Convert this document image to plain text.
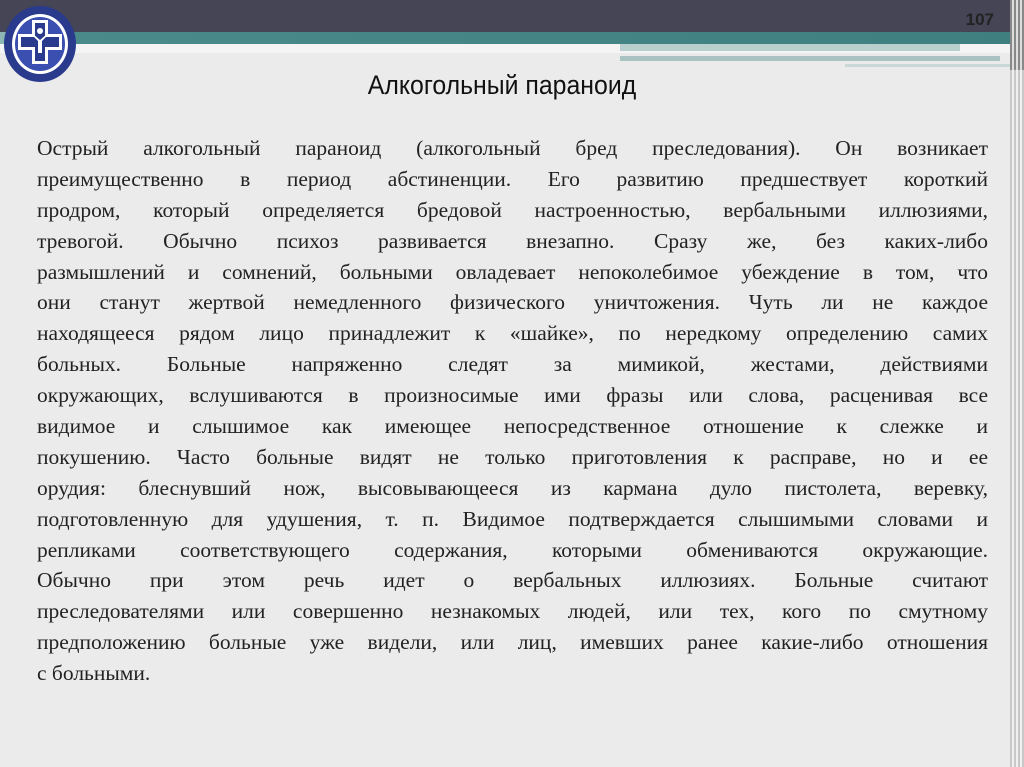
107
Алкогольный параноид
Острый алкогольный параноид (алкогольный бред преследования). Он возникает
преимущественно в период абстиненции. Его развитию предшествует короткий
продром, который определяется бредовой настроенностью, вербальными иллюзиями,
тревогой. Обычно психоз развивается внезапно. Сразу же, без каких-либо
размышлений и сомнений, больными овладевает непоколебимое убеждение в том, что
они станут жертвой немедленного физического уничтожения. Чуть ли не каждое
находящееся рядом лицо принадлежит к «шайке», по нередкому определению самих
больных. Больные напряженно следят за мимикой, жестами, действиями
окружающих, вслушиваются в произносимые ими фразы или слова, расценивая все
видимое и слышимое как имеющее непосредственное отношение к слежке и
покушению. Часто больные видят не только приготовления к расправе, но и ее
орудия: блеснувший нож, высовывающееся из кармана дуло пистолета, веревку,
подготовленную для удушения, т. п. Видимое подтверждается слышимыми словами и
репликами соответствующего содержания, которыми обмениваются окружающие.
Обычно при этом речь идет о вербальных иллюзиях. Больные считают
преследователями или совершенно незнакомых людей, или тех, кого по смутному
предположению больные уже видели, или лиц, имевших ранее какие-либо отношения
с больными.
